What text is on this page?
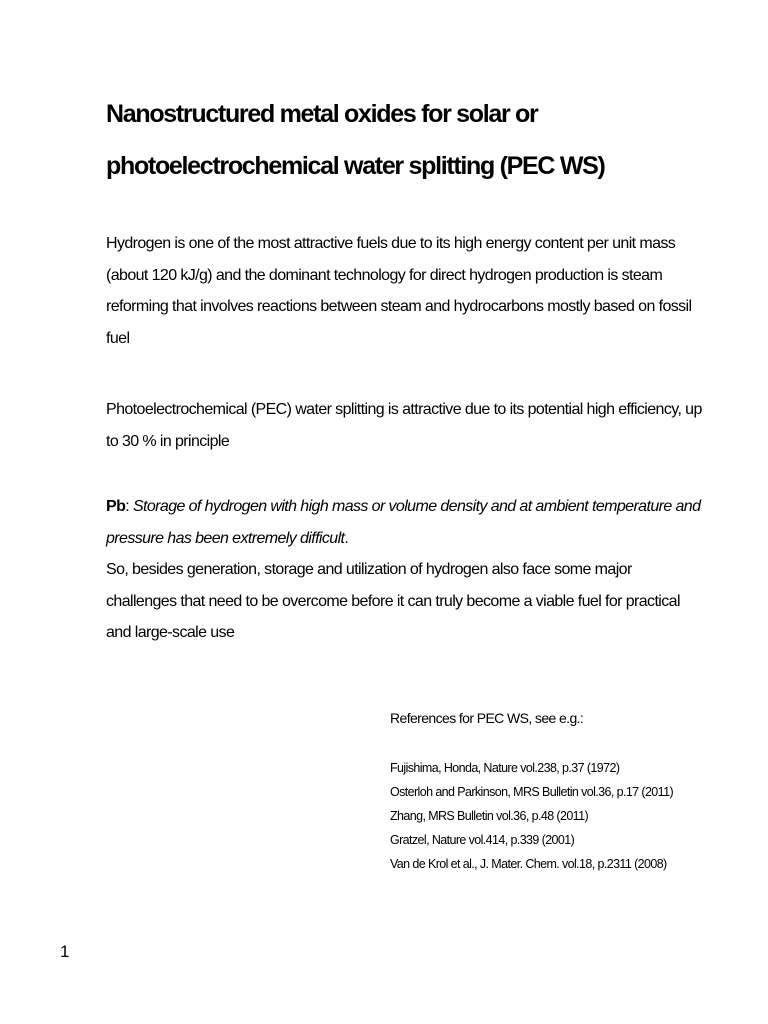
Nanostructured metal oxides for solar or photoelectrochemical water splitting (PEC WS)

Hydrogen is one of the most attractive fuels due to its high energy content per unit mass (about 120 kJ/g) and the dominant technology for direct hydrogen production is steam reforming that involves reactions between steam and hydrocarbons mostly based on fossil fuel

Photoelectrochemical (PEC) water splitting is attractive due to its potential high efficiency, up to 30 % in principle

Pb: Storage of hydrogen with high mass or volume density and at ambient temperature and pressure has been extremely difficult.
So, besides generation, storage and utilization of hydrogen also face some major challenges that need to be overcome before it can truly become a viable fuel for practical and large-scale use

References for PEC WS, see e.g.:

Fujishima, Honda, Nature vol.238, p.37 (1972)
Osterloh and Parkinson, MRS Bulletin vol.36, p.17 (2011)
Zhang, MRS Bulletin vol.36, p.48 (2011)
Gratzel, Nature vol.414, p.339 (2001)
Van de Krol et al., J. Mater. Chem. vol.18, p.2311 (2008)
1
